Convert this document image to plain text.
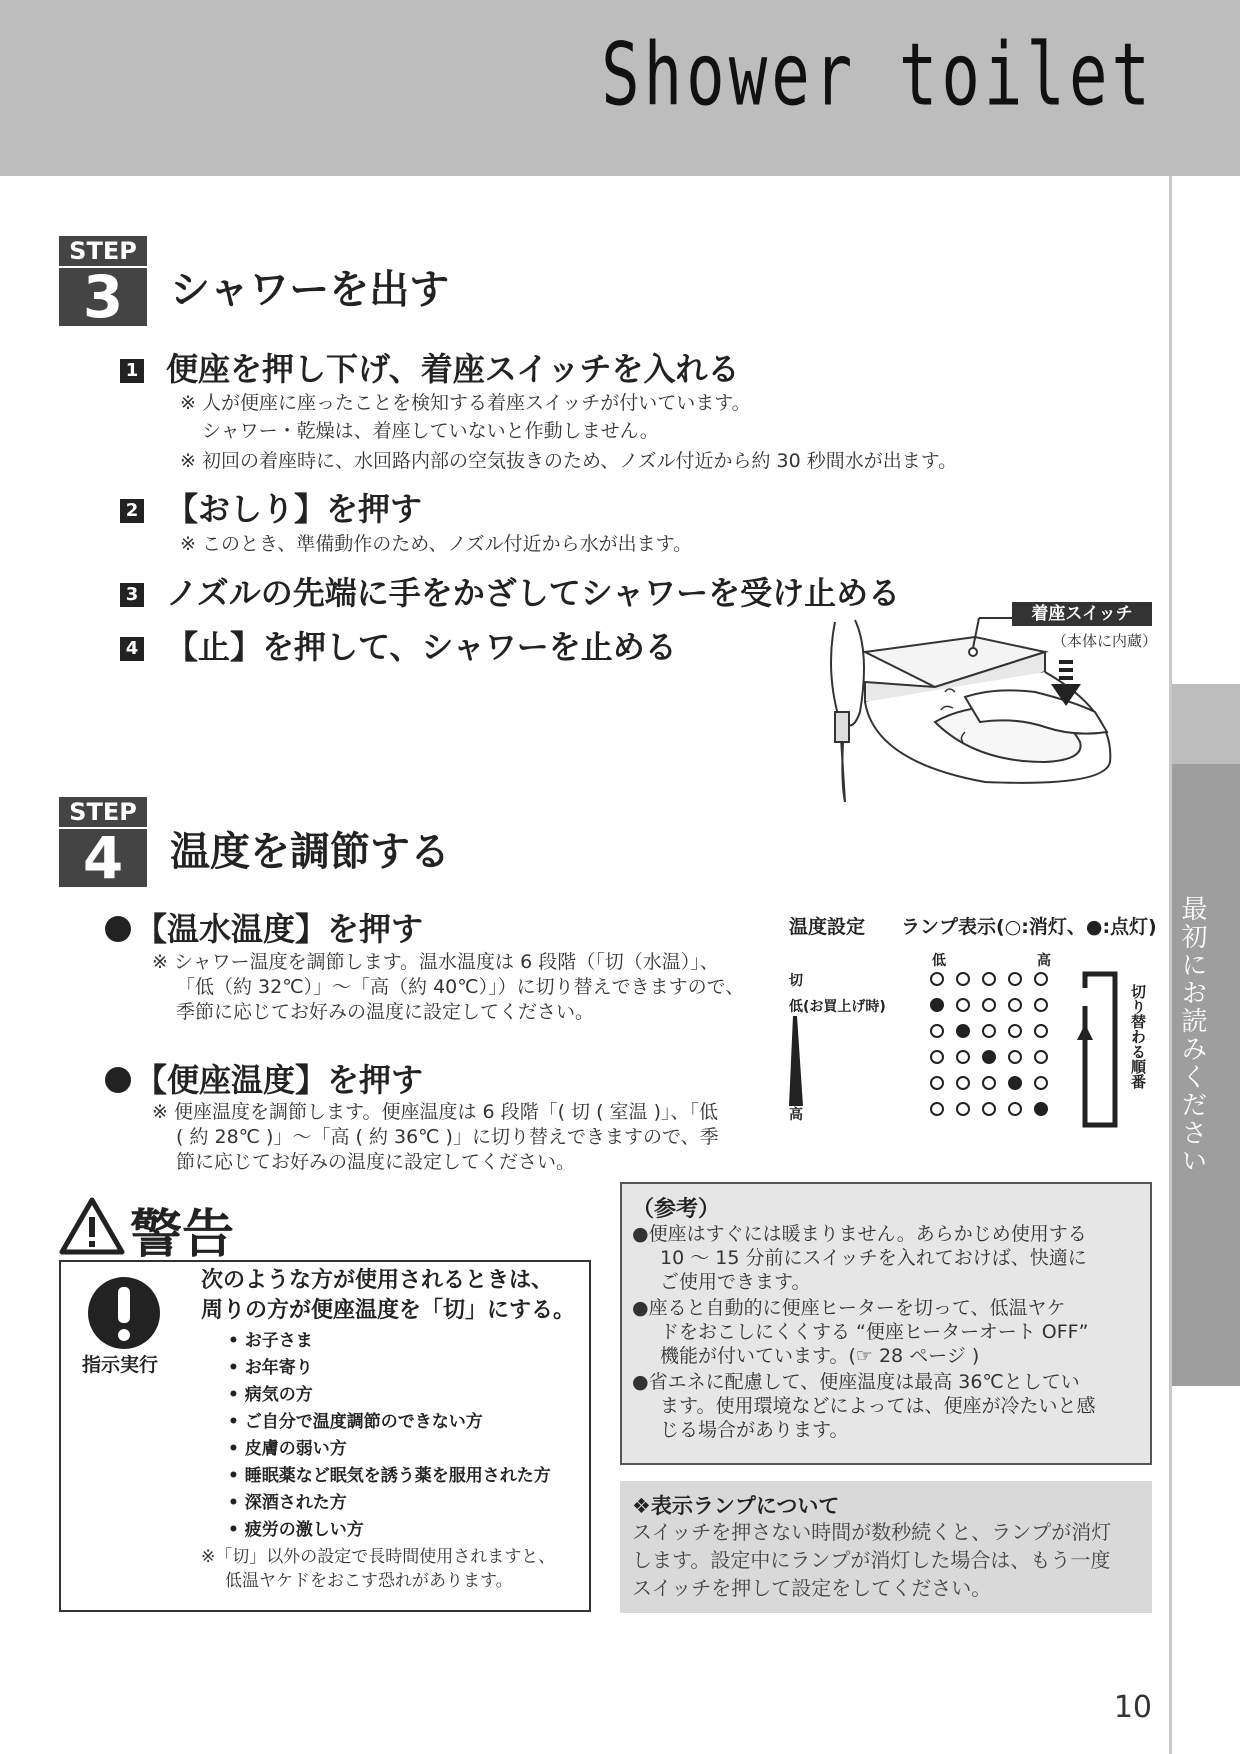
Shower toilet
最初にお読みください
STEP
3	シャワーを出す
1 便座を押し下げ、着座スイッチを入れる
※ 人が便座に座ったことを検知する着座スイッチが付いています。
シャワー・乾燥は、着座していないと作動しません。
※ 初回の着座時に、水回路内部の空気抜きのため、ノズル付近から約 30 秒間水が出ます。
2 【おしり】を押す
※ このとき、準備動作のため、ノズル付近から水が出ます。
3 ノズルの先端に手をかざしてシャワーを受け止める
4 【止】を押して、シャワーを止める
着座スイッチ
（本体に内蔵）
STEP
4	温度を調節する
【温水温度】を押す
※ シャワー温度を調節します。温水温度は 6 段階（「切（水温）」、
「低（約 32℃）」～「高（約 40℃）」）に切り替えできますので、
季節に応じてお好みの温度に設定してください。
【便座温度】を押す
※ 便座温度を調節します。便座温度は 6 段階「( 切 ( 室温 )」、「低
( 約 28℃ )」～「高 ( 約 36℃ )」に切り替えできますので、季
節に応じてお好みの温度に設定してください。
温度設定 ランプ表示(○:消灯、●:点灯)
低	高
切
低(お買上げ時)
高
切り替わる順番
警告
指示実行
次のような方が使用されるときは、
周りの方が便座温度を「切」にする。
• お子さま
• お年寄り
• 病気の方
• ご自分で温度調節のできない方
• 皮膚の弱い方
• 睡眠薬など眠気を誘う薬を服用された方
• 深酒された方
• 疲労の激しい方
※「切」以外の設定で長時間使用されますと、
低温ヤケドをおこす恐れがあります。
（参考）
●便座はすぐには暖まりません。あらかじめ使用する
10 ～ 15 分前にスイッチを入れておけば、快適に
ご使用できます。
●座ると自動的に便座ヒーターを切って、低温ヤケ
ドをおこしにくくする “便座ヒーターオート OFF”
機能が付いています。(☞ 28 ページ )
●省エネに配慮して、便座温度は最高 36℃としてい
ます。使用環境などによっては、便座が冷たいと感
じる場合があります。
❖表示ランプについて
スイッチを押さない時間が数秒続くと、ランプが消灯
します。設定中にランプが消灯した場合は、もう一度
スイッチを押して設定をしてください。
10
